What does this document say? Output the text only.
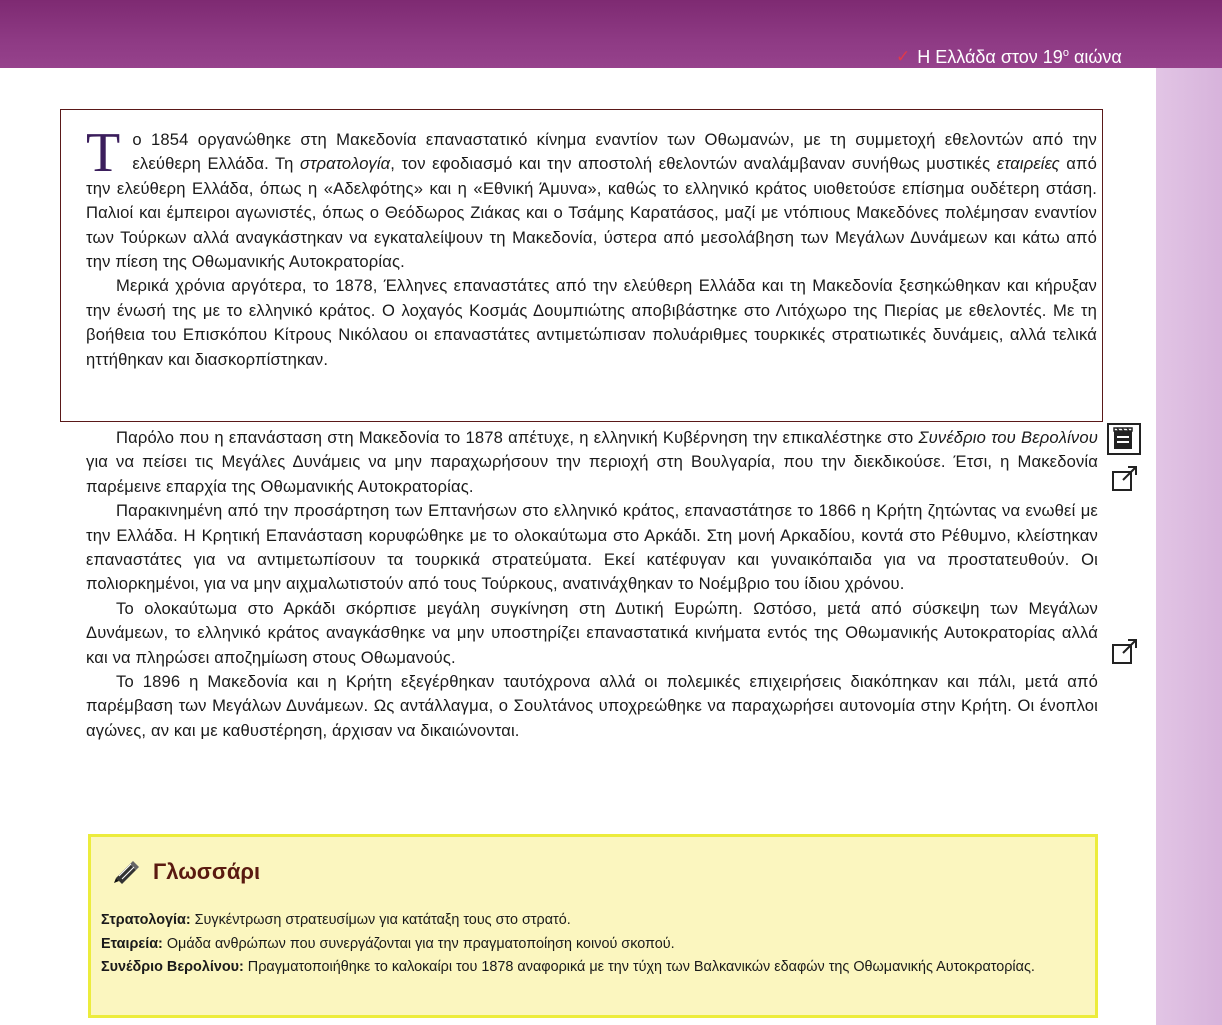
✓ Η Ελλάδα στον $19^o$ αιώνα

Το 1854 οργανώθηκε στη Μακεδονία επαναστατικό κίνημα εναντίον των Οθωμανών, με τη συμμετοχή εθελοντών από την ελεύθερη Ελλάδα. Τη στρατολογία, τον εφοδιασμό και την αποστολή εθελοντών αναλάμβαναν συνήθως μυστικές εταιρείες από την ελεύθερη Ελλάδα, όπως η «Αδελφότης» και η «Εθνική Άμυνα», καθώς το ελληνικό κράτος υιοθετούσε επίσημα ουδέτερη στάση. Παλιοί και έμπειροι αγωνιστές, όπως ο Θεόδωρος Ζιάκας και ο Τσάμης Καρατάσος, μαζί με ντόπιους Μακεδόνες πολέμησαν εναντίον των Τούρκων αλλά αναγκάστηκαν να εγκαταλείψουν τη Μακεδονία, ύστερα από μεσολάβηση των Μεγάλων Δυνάμεων και κάτω από την πίεση της Οθωμανικής Αυτοκρατορίας.

Μερικά χρόνια αργότερα, το 1878, Έλληνες επαναστάτες από την ελεύθερη Ελλάδα και τη Μακεδονία ξεσηκώθηκαν και κήρυξαν την ένωσή της με το ελληνικό κράτος. Ο λοχαγός Κοσμάς Δουμπιώτης αποβιβάστηκε στο Λιτόχωρο της Πιερίας με εθελοντές. Με τη βοήθεια του Επισκόπου Κίτρους Νικόλαου οι επαναστάτες αντιμετώπισαν πολυάριθμες τουρκικές στρατιωτικές δυνάμεις, αλλά τελικά ηττήθηκαν και διασκορπίστηκαν.

Παρόλο που η επανάσταση στη Μακεδονία το 1878 απέτυχε, η ελληνική Κυβέρνηση την επικαλέστηκε στο Συνέδριο του Βερολίνου για να πείσει τις Μεγάλες Δυνάμεις να μην παραχωρήσουν την περιοχή στη Βουλγαρία, που την διεκδικούσε. Έτσι, η Μακεδονία παρέμεινε επαρχία της Οθωμανικής Αυτοκρατορίας.

Παρακινημένη από την προσάρτηση των Επτανήσων στο ελληνικό κράτος, επαναστάτησε το 1866 η Κρήτη ζητώντας να ενωθεί με την Ελλάδα. Η Κρητική Επανάσταση κορυφώθηκε με το ολοκαύτωμα στο Αρκάδι. Στη μονή Αρκαδίου, κοντά στο Ρέθυμνο, κλείστηκαν επαναστάτες για να αντιμετωπίσουν τα τουρκικά στρατεύματα. Εκεί κατέφυγαν και γυναικόπαιδα για να προστατευθούν. Οι πολιορκημένοι, για να μην αιχμαλωτιστούν από τους Τούρκους, ανατινάχθηκαν το Νοέμβριο του ίδιου χρόνου.

Το ολοκαύτωμα στο Αρκάδι σκόρπισε μεγάλη συγκίνηση στη Δυτική Ευρώπη. Ωστόσο, μετά από σύσκεψη των Μεγάλων Δυνάμεων, το ελληνικό κράτος αναγκάσθηκε να μην υποστηρίζει επαναστατικά κινήματα εντός της Οθωμανικής Αυτοκρατορίας αλλά και να πληρώσει αποζημίωση στους Οθωμανούς.

Το 1896 η Μακεδονία και η Κρήτη εξεγέρθηκαν ταυτόχρονα αλλά οι πολεμικές επιχειρήσεις διακόπηκαν και πάλι, μετά από παρέμβαση των Μεγάλων Δυνάμεων. Ως αντάλλαγμα, ο Σουλτάνος υποχρεώθηκε να παραχωρήσει αυτονομία στην Κρήτη. Οι ένοπλοι αγώνες, αν και με καθυστέρηση, άρχισαν να δικαιώνονται.

Γλωσσάρι

Στρατολογία: Συγκέντρωση στρατευσίμων για κατάταξη τους στο στρατό.

Εταιρεία: Ομάδα ανθρώπων που συνεργάζονται για την πραγματοποίηση κοινού σκοπού.

Συνέδριο Βερολίνου: Πραγματοποιήθηκε το καλοκαίρι του 1878 αναφορικά με την τύχη των Βαλκανικών εδαφών της Οθωμανικής Αυτοκρατορίας.
